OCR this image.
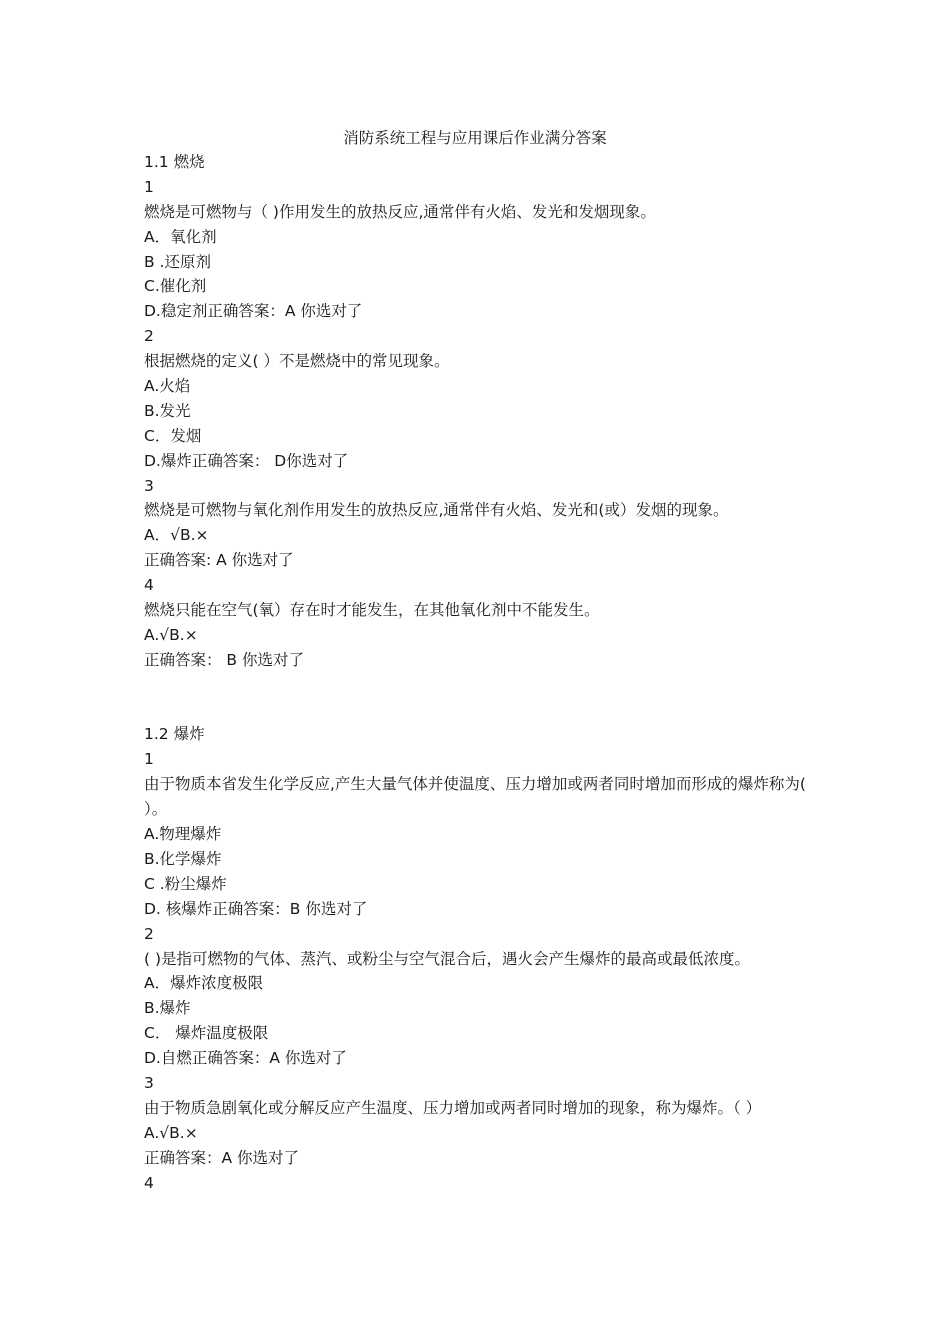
消防系统工程与应用课后作业满分答案
1.1 燃烧
1
燃烧是可燃物与（ )作用发生的放热反应,通常伴有火焰、发光和发烟现象。
A．氧化剂
B .还原剂
C.催化剂
D.稳定剂正确答案：A 你选对了
2
根据燃烧的定义( ）不是燃烧中的常见现象。
A.火焰
B.发光
C．发烟
D.爆炸正确答案： D你选对了
3
燃烧是可燃物与氧化剂作用发生的放热反应,通常伴有火焰、发光和(或）发烟的现象。
A．√B.×
正确答案: A 你选对了
4
燃烧只能在空气(氧）存在时才能发生，在其他氧化剂中不能发生。
A.√B.×
正确答案： B 你选对了
1.2 爆炸
1
由于物质本省发生化学反应,产生大量气体并使温度、压力增加或两者同时增加而形成的爆炸称为( ）。
A.物理爆炸
B.化学爆炸
C .粉尘爆炸
D. 核爆炸正确答案：B 你选对了
2
( )是指可燃物的气体、蒸汽、或粉尘与空气混合后，遇火会产生爆炸的最高或最低浓度。
A．爆炸浓度极限
B.爆炸
C． 爆炸温度极限
D.自燃正确答案：A 你选对了
3
由于物质急剧氧化或分解反应产生温度、压力增加或两者同时增加的现象，称为爆炸。（ ）
A.√B.×
正确答案：A 你选对了
4
